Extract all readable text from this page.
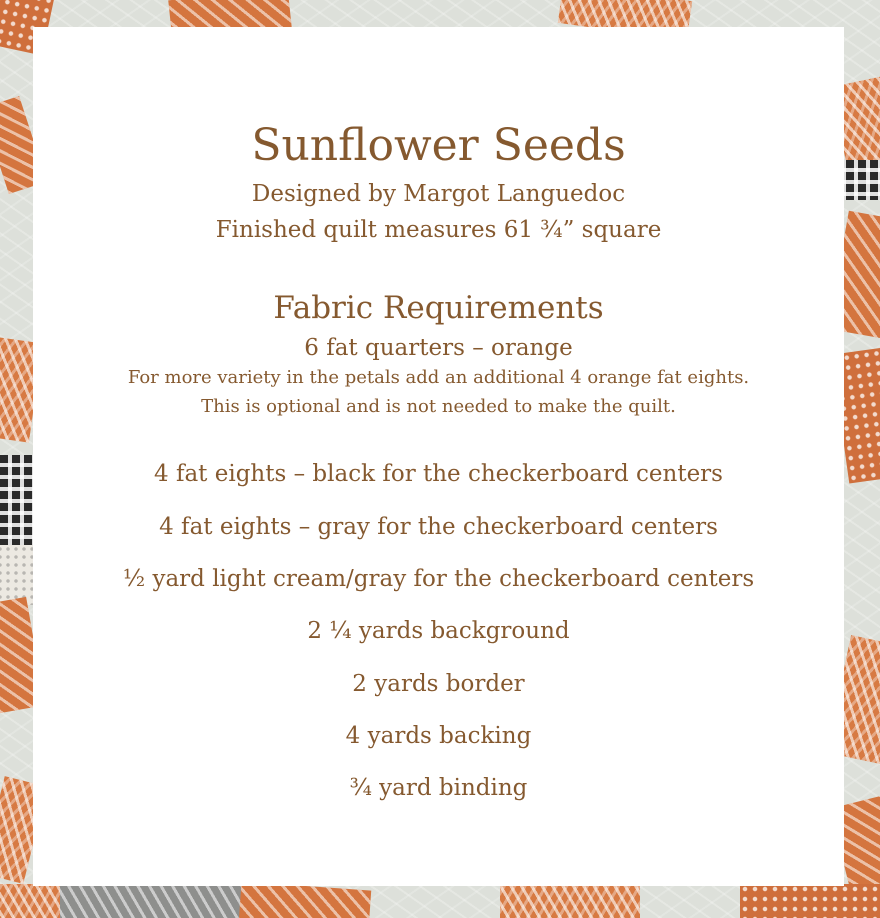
Sunflower Seeds

Designed by Margot Languedoc

Finished quilt measures 61 ¾” square

Fabric Requirements

6 fat quarters – orange

For more variety in the petals add an additional 4 orange fat eights.

This is optional and is not needed to make the quilt.

4 fat eights – black for the checkerboard centers

4 fat eights – gray for the checkerboard centers

½ yard light cream/gray for the checkerboard centers

2 ¼ yards background

2 yards border

4 yards backing

¾ yard binding
